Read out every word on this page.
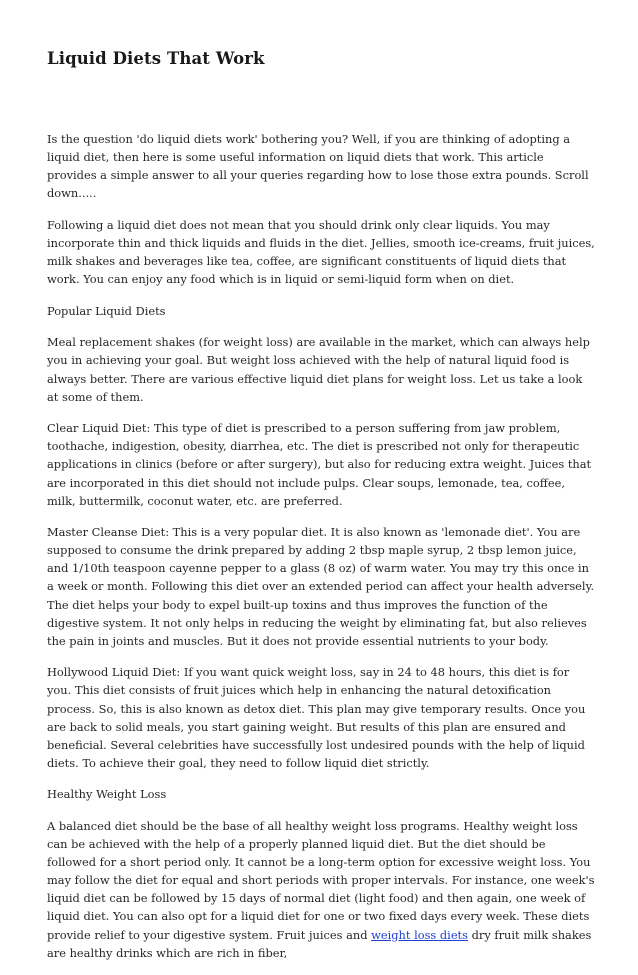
Liquid Diets That Work

Is the question 'do liquid diets work' bothering you? Well, if you are thinking of adopting a liquid diet, then here is some useful information on liquid diets that work. This article provides a simple answer to all your queries regarding how to lose those extra pounds. Scroll down.....

Following a liquid diet does not mean that you should drink only clear liquids. You may incorporate thin and thick liquids and fluids in the diet. Jellies, smooth ice-creams, fruit juices, milk shakes and beverages like tea, coffee, are significant constituents of liquid diets that work. You can enjoy any food which is in liquid or semi-liquid form when on diet.

Popular Liquid Diets

Meal replacement shakes (for weight loss) are available in the market, which can always help you in achieving your goal. But weight loss achieved with the help of natural liquid food is always better. There are various effective liquid diet plans for weight loss. Let us take a look at some of them.

Clear Liquid Diet: This type of diet is prescribed to a person suffering from jaw problem, toothache, indigestion, obesity, diarrhea, etc. The diet is prescribed not only for therapeutic applications in clinics (before or after surgery), but also for reducing extra weight. Juices that are incorporated in this diet should not include pulps. Clear soups, lemonade, tea, coffee, milk, buttermilk, coconut water, etc. are preferred.

Master Cleanse Diet: This is a very popular diet. It is also known as 'lemonade diet'. You are supposed to consume the drink prepared by adding 2 tbsp maple syrup, 2 tbsp lemon juice, and 1/10th teaspoon cayenne pepper to a glass (8 oz) of warm water. You may try this once in a week or month. Following this diet over an extended period can affect your health adversely. The diet helps your body to expel built-up toxins and thus improves the function of the digestive system. It not only helps in reducing the weight by eliminating fat, but also relieves the pain in joints and muscles. But it does not provide essential nutrients to your body.

Hollywood Liquid Diet: If you want quick weight loss, say in 24 to 48 hours, this diet is for you. This diet consists of fruit juices which help in enhancing the natural detoxification process. So, this is also known as detox diet. This plan may give temporary results. Once you are back to solid meals, you start gaining weight. But results of this plan are ensured and beneficial. Several celebrities have successfully lost undesired pounds with the help of liquid diets. To achieve their goal, they need to follow liquid diet strictly.

Healthy Weight Loss

A balanced diet should be the base of all healthy weight loss programs. Healthy weight loss can be achieved with the help of a properly planned liquid diet. But the diet should be followed for a short period only. It cannot be a long-term option for excessive weight loss. You may follow the diet for equal and short periods with proper intervals. For instance, one week's liquid diet can be followed by 15 days of normal diet (light food) and then again, one week of liquid diet. You can also opt for a liquid diet for one or two fixed days every week. These diets provide relief to your digestive system. Fruit juices and weight loss diets dry fruit milk shakes are healthy drinks which are rich in fiber,
